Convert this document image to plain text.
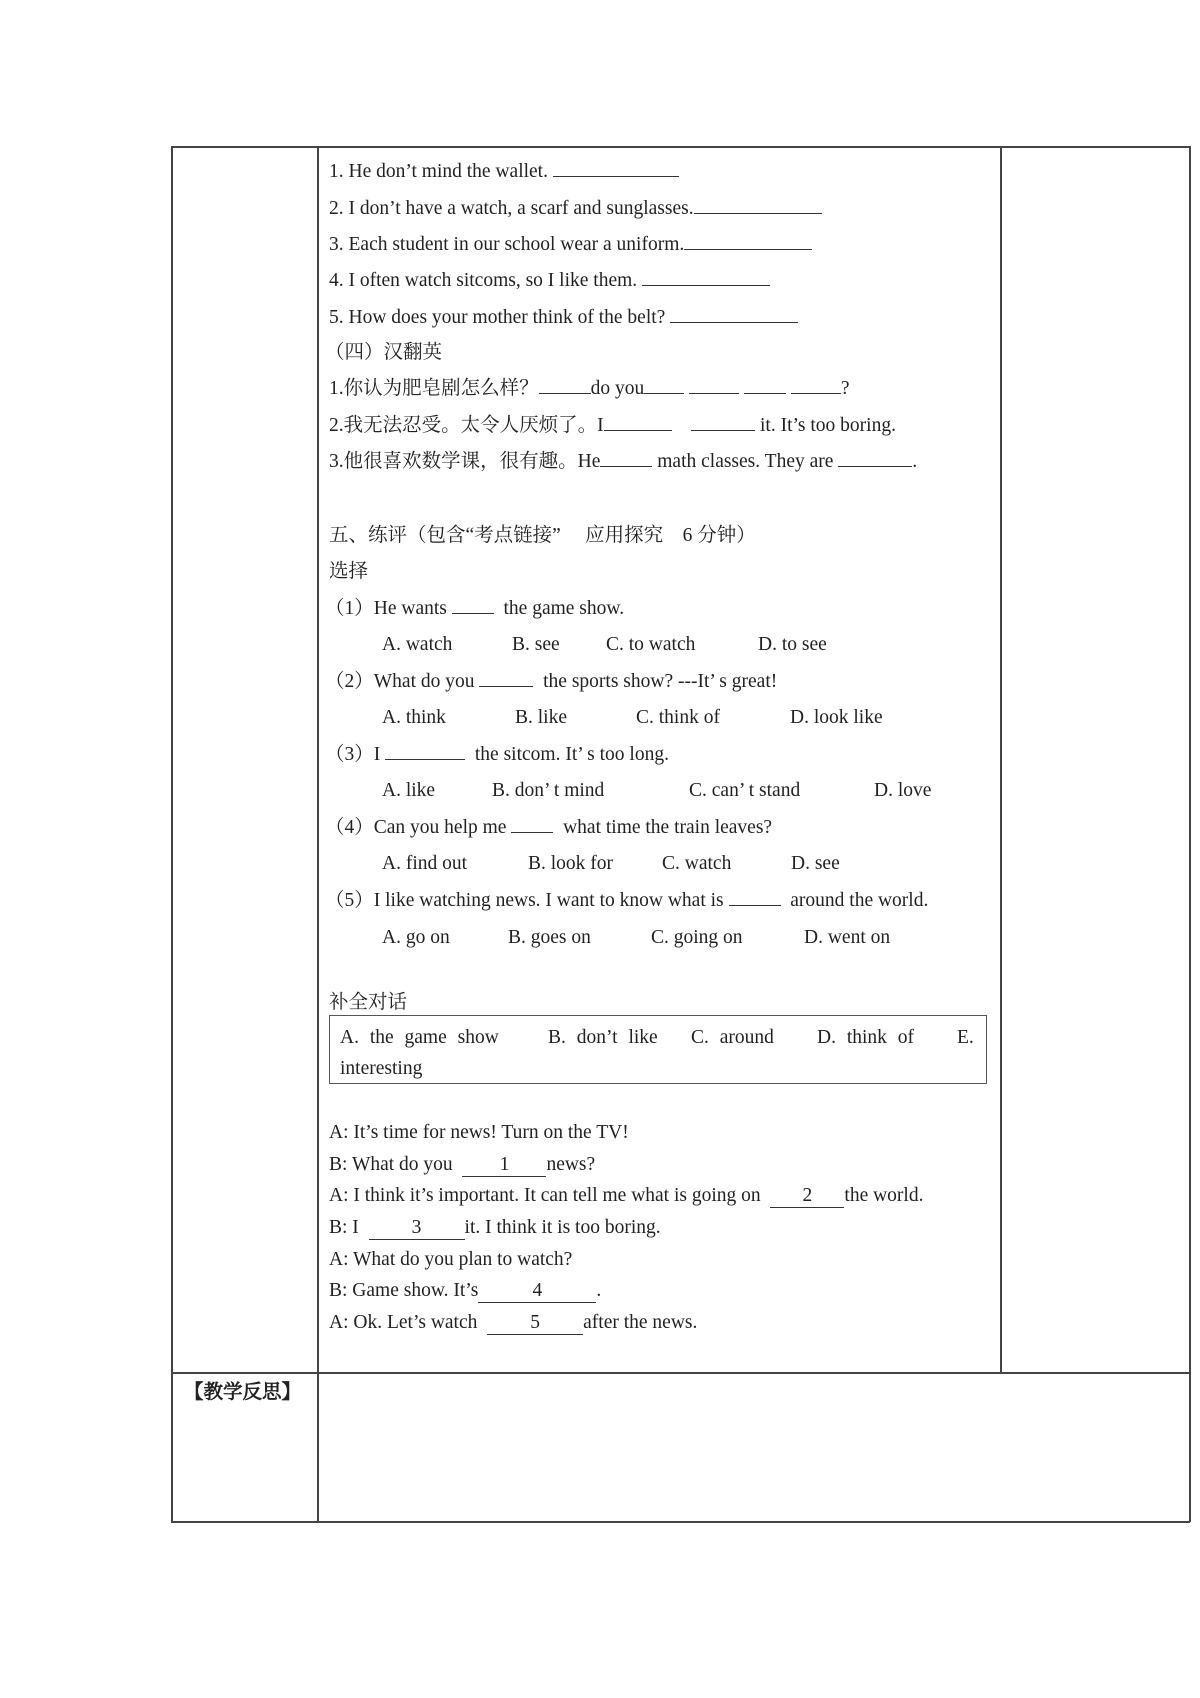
1. He don’t mind the wallet.
2. I don’t have a watch, a scarf and sunglasses.
3. Each student in our school wear a uniform.
4. I often watch sitcoms, so I like them.
5. How does your mother think of the belt?
（四）汉翻英
1.你认为肥皂剧怎么样？	do you	?
2.我无法忍受。太令人厌烦了。I	it. It’s too boring.
3.他很喜欢数学课，很有趣。He	math classes. They are	.
五、练评（包含“考点链接”　 应用探究　6 分钟）
选择
（1）He wants	the game show.
A. watch	B. see C. to watch	D. to see
（2）What do you	the sports show? ---It’ s great!
A. think	B. like	C. think of	D. look like
（3）I	the sitcom. It’ s too long.
A. like	B. don’ t mind	C. can’ t stand	D. love
（4）Can you help me	what time the train leaves?
A. find out	B. look for	C. watch	D. see
（5）I like watching news. I want to know what is	around the world.
A. go on	B. goes on	C. going on	D. went on
补全对话
A. the game show	B. don’t like C. around D. think of E.
interesting
A: It’s time for news! Turn on the TV!
B: What do you 1 news?
A: I think it’s important. It can tell me what is going on 2 the world.
B: I	3 it. I think it is too boring.
A: What do you plan to watch?
B: Game show. It’s	4	.
A: Ok. Let’s watch	5 after the news.
【教学反思】
